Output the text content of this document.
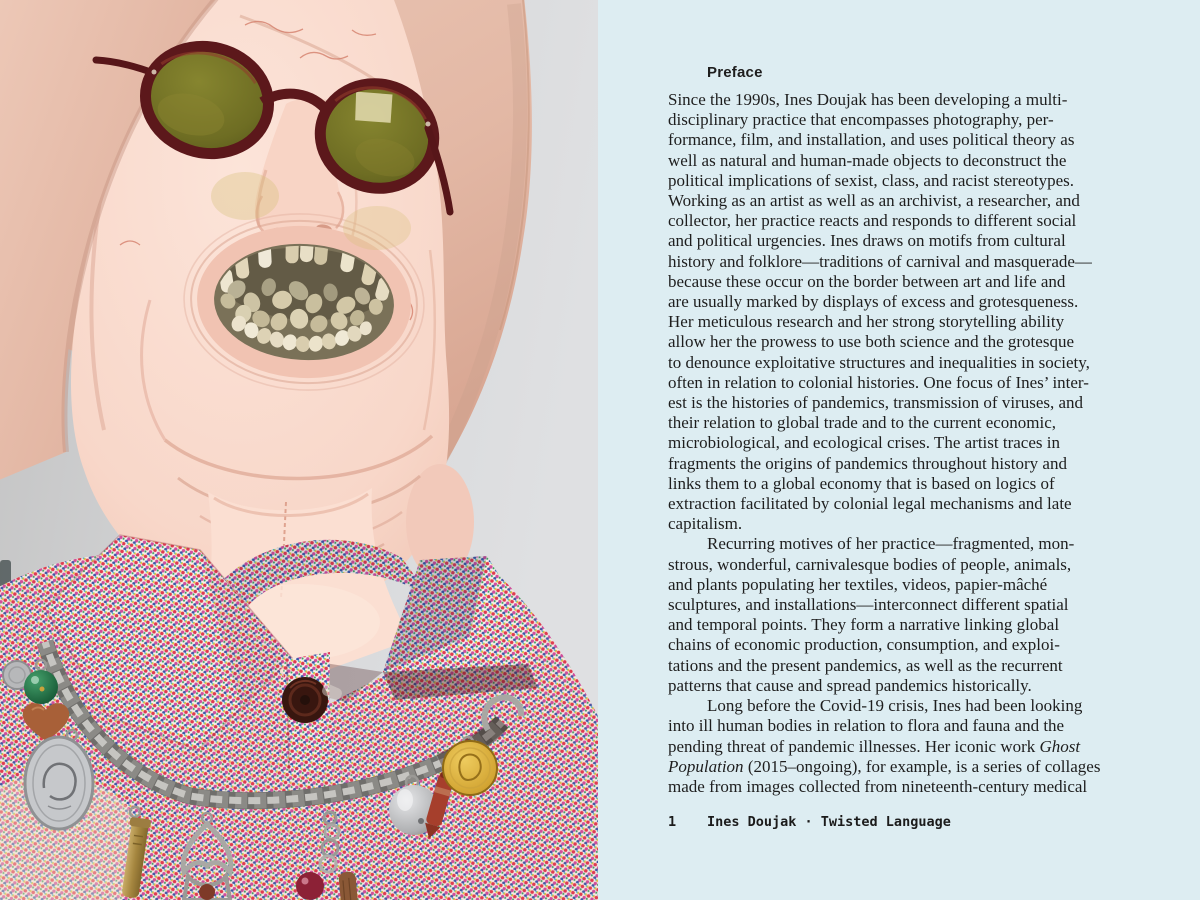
Preface
Since the 1990s, Ines Doujak has been developing a multi-
disciplinary practice that encompasses photography, per-
formance, film, and installation, and uses political theory as
well as natural and human-made objects to deconstruct the
political implications of sexist, class, and racist stereotypes.
Working as an artist as well as an archivist, a researcher, and
collector, her practice reacts and responds to different social
and political urgencies. Ines draws on motifs from cultural
history and folklore—traditions of carnival and masquerade—
because these occur on the border between art and life and
are usually marked by displays of excess and grotesqueness.
Her meticulous research and her strong storytelling ability
allow her the prowess to use both science and the grotesque
to denounce exploitative structures and inequalities in society,
often in relation to colonial histories. One focus of Ines’ inter-
est is the histories of pandemics, transmission of viruses, and
their relation to global trade and to the current economic,
microbiological, and ecological crises. The artist traces in
fragments the origins of pandemics throughout history and
links them to a global economy that is based on logics of
extraction facilitated by colonial legal mechanisms and late
capitalism.
Recurring motives of her practice—fragmented, mon-
strous, wonderful, carnivalesque bodies of people, animals,
and plants populating her textiles, videos, papier-mâché
sculptures, and installations—interconnect different spatial
and temporal points. They form a narrative linking global
chains of economic production, consumption, and exploi-
tations and the present pandemics, as well as the recurrent
patterns that cause and spread pandemics historically.
Long before the Covid-19 crisis, Ines had been looking
into ill human bodies in relation to flora and fauna and the
pending threat of pandemic illnesses. Her iconic work Ghost
Population (2015–ongoing), for example, is a series of collages
made from images collected from nineteenth-century medical
1	Ines Doujak · Twisted Language
